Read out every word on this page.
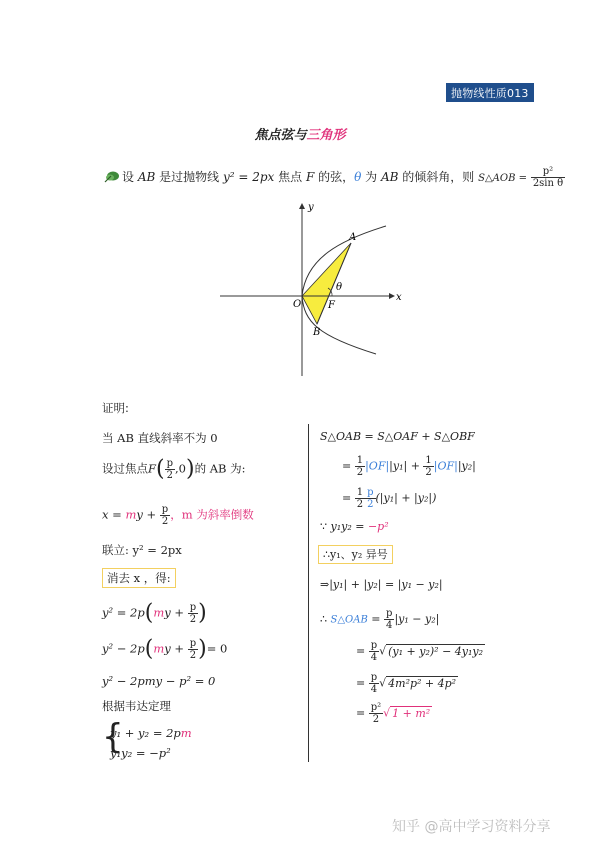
抛物线性质013
焦点弦与三角形
设 AB 是过抛物线 y² = 2px 焦点 F 的弦，θ 为 AB 的倾斜角，则 S△AOB = $\frac{\text{p²}}{\text{2sin θ}}$
y
x
O	F
A
B
θ
证明:
当 AB 直线斜率不为 0
设过焦点$F( \frac{p}{2} ,0)$的 AB 为:
x = my + $\frac{p}{2}$ ，m 为斜率倒数
联立: y² = 2px
消去 x ，得:
$y^2 = 2p(my + \frac{p}{2}$ )
$y^2 - 2p(my + \frac{p}{2}$ )= 0
y² − 2pmy − p² = 0
根据韦达定理
{
y₁ + y₂ = 2pm
y₁y₂ = −p²
S△OAB = S△OAF + S△OBF
= $\frac{1}{2} |OF||y_1| + \frac{1}{2} |OF||y_2|$
= $\frac{1}{2} \frac{p}{2} (|y_1| + |y_2|)$
∵ y₁y₂ = −p²
∴y₁、y₂ 异号
⇒|y₁| + |y₂| = |y₁ − y₂|
∴ S△OAB = $\frac{p}{4} |y_1 - y_2|$
= $\frac{p}{4}$ √ (y₁ + y₂)² − 4y₁y₂
= $\frac{p}{4}$ √ 4m²p² + 4p²
= $\frac{\text{p²}}{2}$ √ 1 + m²
知乎 @高中学习资料分享
